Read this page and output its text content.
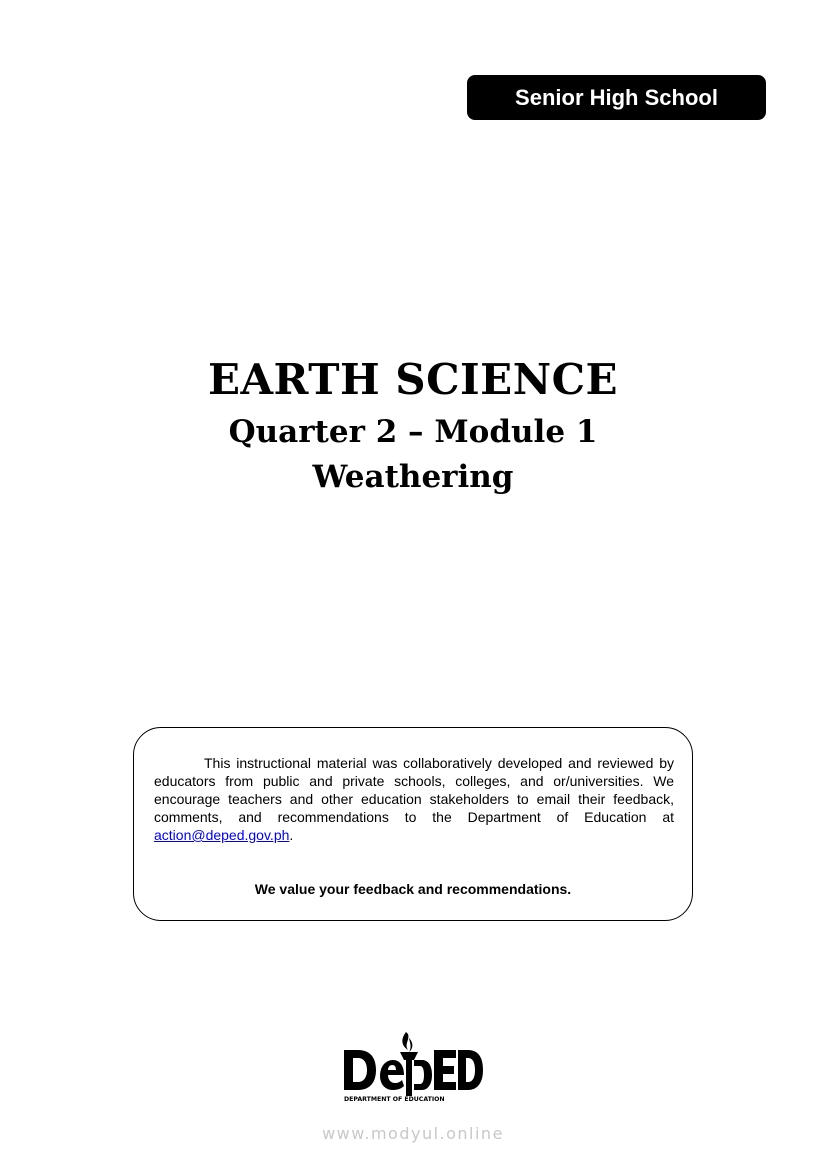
Senior High School
EARTH SCIENCE
Quarter 2 – Module 1
Weathering
This instructional material was collaboratively developed and reviewed by educators from public and private schools, colleges, and or/universities. We encourage teachers and other education stakeholders to email their feedback, comments, and recommendations to the Department of Education at action@deped.gov.ph.
We value your feedback and recommendations.
DEPARTMENT OF EDUCATION
www.modyul.online
